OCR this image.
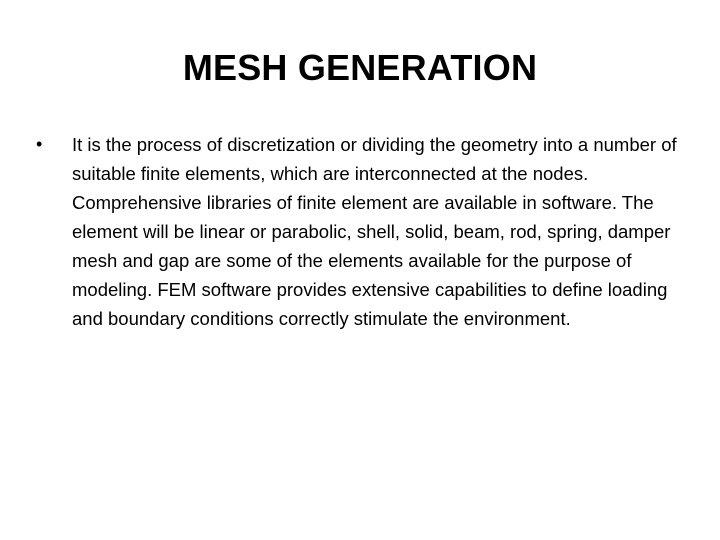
MESH GENERATION
•	It is the process of discretization or dividing the geometry into a number of suitable finite elements, which are interconnected at the nodes. Comprehensive libraries of finite element are available in software. The element will be linear or parabolic, shell, solid, beam, rod, spring, damper mesh and gap are some of the elements available for the purpose of modeling. FEM software provides extensive capabilities to define loading and boundary conditions correctly stimulate the environment.
